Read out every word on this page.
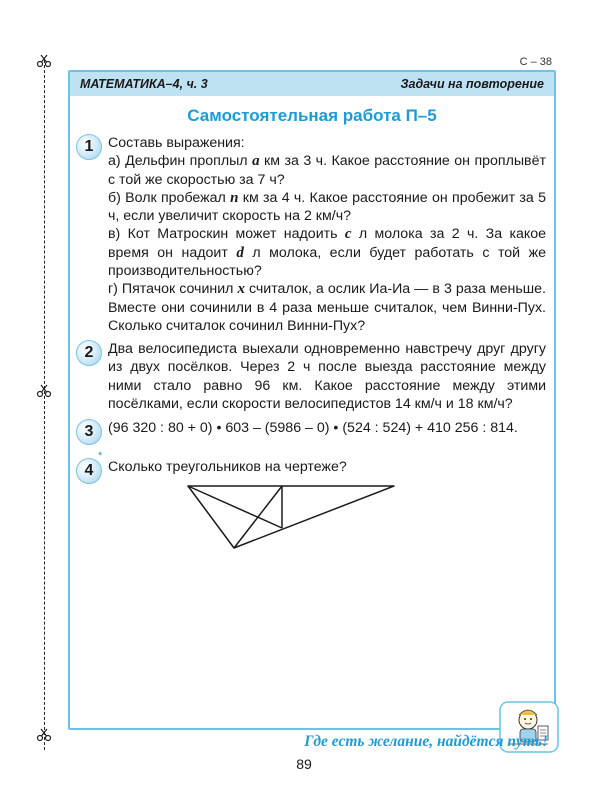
С – 38
МАТЕМАТИКА–4, ч. 3	Задачи на повторение
Самостоятельная работа П–5
1	Составь выражения:

а) Дельфин проплыл a км за 3 ч. Какое расстояние он проплывёт с той же скоростью за 7 ч?

б) Волк пробежал n км за 4 ч. Какое расстояние он пробежит за 5 ч, если увеличит скорость на 2 км/ч?

в) Кот Матроскин может надоить c л молока за 2 ч. За какое время он надоит d л молока, если будет работать с той же производительностью?

г) Пятачок сочинил x считалок, а ослик Иа-Иа — в 3 раза меньше. Вместе они сочинили в 4 раза меньше считалок, чем Винни-Пух. Сколько считалок сочинил Винни-Пух?

2	Два велосипедиста выехали одновременно навстречу друг другу из двух посёлков. Через 2 ч после выезда расстояние между ними стало равно 96 км. Какое расстояние между этими посёлками, если скорости велосипедистов 14 км/ч и 18 км/ч?

3	(96 320 : 80 + 0) • 603 – (5986 – 0) • (524 : 524) + 410 256 : 814.

4
*

Сколько треугольников на чертеже?

Где есть желание, найдётся путь!
89
